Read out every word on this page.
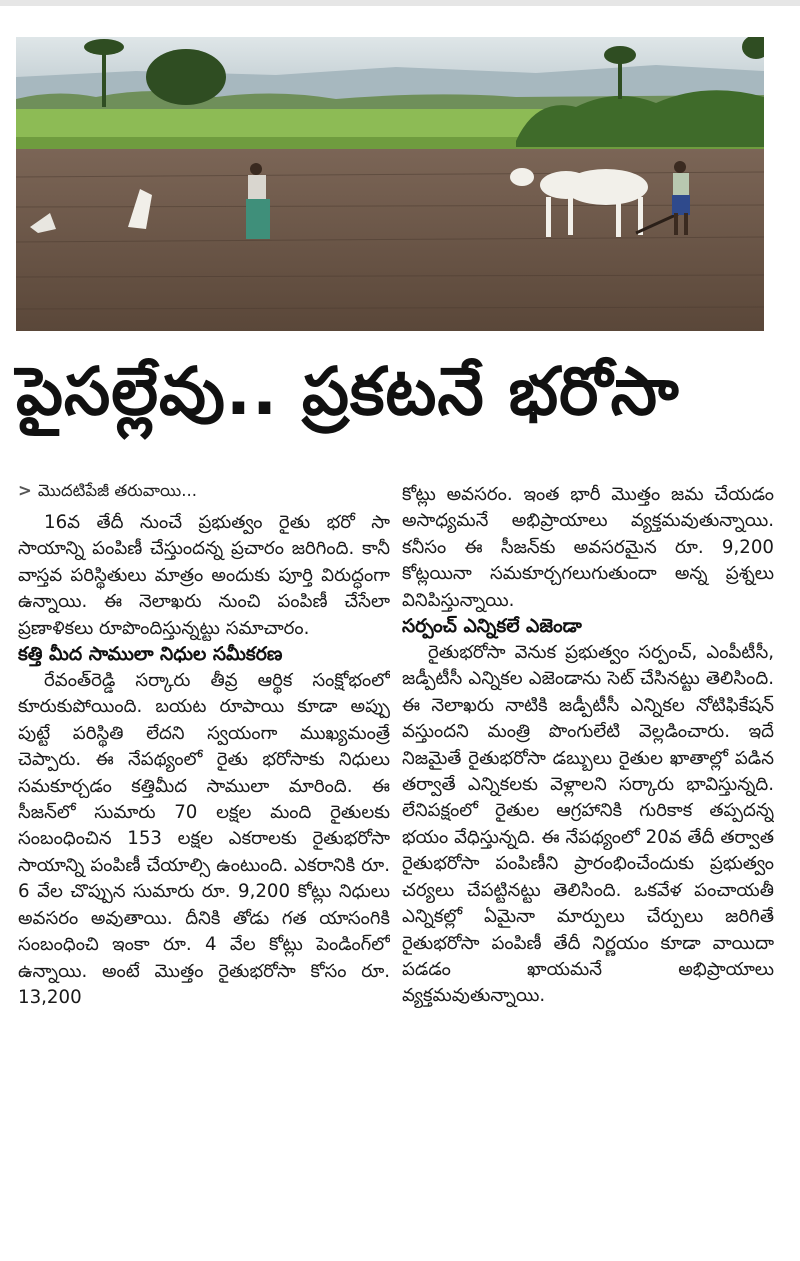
పైసల్లేవు.. ప్రకటనే భరోసా
> మొదటిపేజీ తరువాయి...

16వ తేదీ నుంచే ప్రభుత్వం రైతు భరో సా సాయాన్ని పంపిణీ చేస్తుందన్న ప్రచారం జరిగింది. కానీ వాస్తవ పరిస్థితులు మాత్రం అందుకు పూర్తి విరుద్ధంగా ఉన్నాయి. ఈ నెలాఖరు నుంచి పంపిణీ చేసేలా ప్రణాళికలు రూపొందిస్తున్నట్టు సమాచారం.

కత్తి మీద సాములా నిధుల సమీకరణ

రేవంత్‌రెడ్డి సర్కారు తీవ్ర ఆర్థిక సంక్షోభంలో కూరుకుపోయింది. బయట రూపాయి కూడా అప్పు పుట్టే పరిస్థితి లేదని స్వయంగా ముఖ్యమంత్రే చెప్పారు. ఈ నేపథ్యంలో రైతు భరోసాకు నిధులు సమకూర్చడం కత్తిమీద సాములా మారింది. ఈ సీజన్‌లో సుమారు 70 లక్షల మంది రైతులకు సంబంధించిన 153 లక్షల ఎకరాలకు రైతుభరోసా సాయాన్ని పంపిణీ చేయాల్సి ఉంటుంది. ఎకరానికి రూ. 6 వేల చొప్పున సుమారు రూ. 9,200 కోట్లు నిధులు అవసరం అవుతాయి. దీనికి తోడు గత యాసంగికి సంబంధించి ఇంకా రూ. 4 వేల కోట్లు పెండింగ్‌లో ఉన్నాయి. అంటే మొత్తం రైతుభరోసా కోసం రూ. 13,200

కోట్లు అవసరం. ఇంత భారీ మొత్తం జమ చేయడం అసాధ్యమనే అభిప్రాయాలు వ్యక్తమవుతున్నాయి. కనీసం ఈ సీజన్‌కు అవసరమైన రూ. 9,200 కోట్లయినా సమకూర్చగలుగుతుందా అన్న ప్రశ్నలు వినిపిస్తున్నాయి.

సర్పంచ్ ఎన్నికలే ఎజెండా

రైతుభరోసా వెనుక ప్రభుత్వం సర్పంచ్, ఎంపీటీసీ, జడ్పీటీసీ ఎన్నికల ఎజెండాను సెట్ చేసినట్టు తెలిసింది. ఈ నెలాఖరు నాటికి జడ్పీటీసీ ఎన్నికల నోటిఫికేషన్ వస్తుందని మంత్రి పొంగులేటి వెల్లడించారు. ఇదే నిజమైతే రైతుభరోసా డబ్బులు రైతుల ఖాతాల్లో పడిన తర్వాతే ఎన్నికలకు వెళ్లాలని సర్కారు భావిస్తున్నది. లేనిపక్షంలో రైతుల ఆగ్రహానికి గురికాక తప్పదన్న భయం వేధిస్తున్నది. ఈ నేపథ్యంలో 20వ తేదీ తర్వాత రైతుభరోసా పంపిణీని ప్రారంభించేందుకు ప్రభుత్వం చర్యలు చేపట్టినట్టు తెలిసింది. ఒకవేళ పంచాయతీ ఎన్నికల్లో ఏమైనా మార్పులు చేర్పులు జరిగితే రైతుభరోసా పంపిణీ తేదీ నిర్ణయం కూడా వాయిదా పడడం ఖాయమనే అభిప్రాయాలు వ్యక్తమవుతున్నాయి.
